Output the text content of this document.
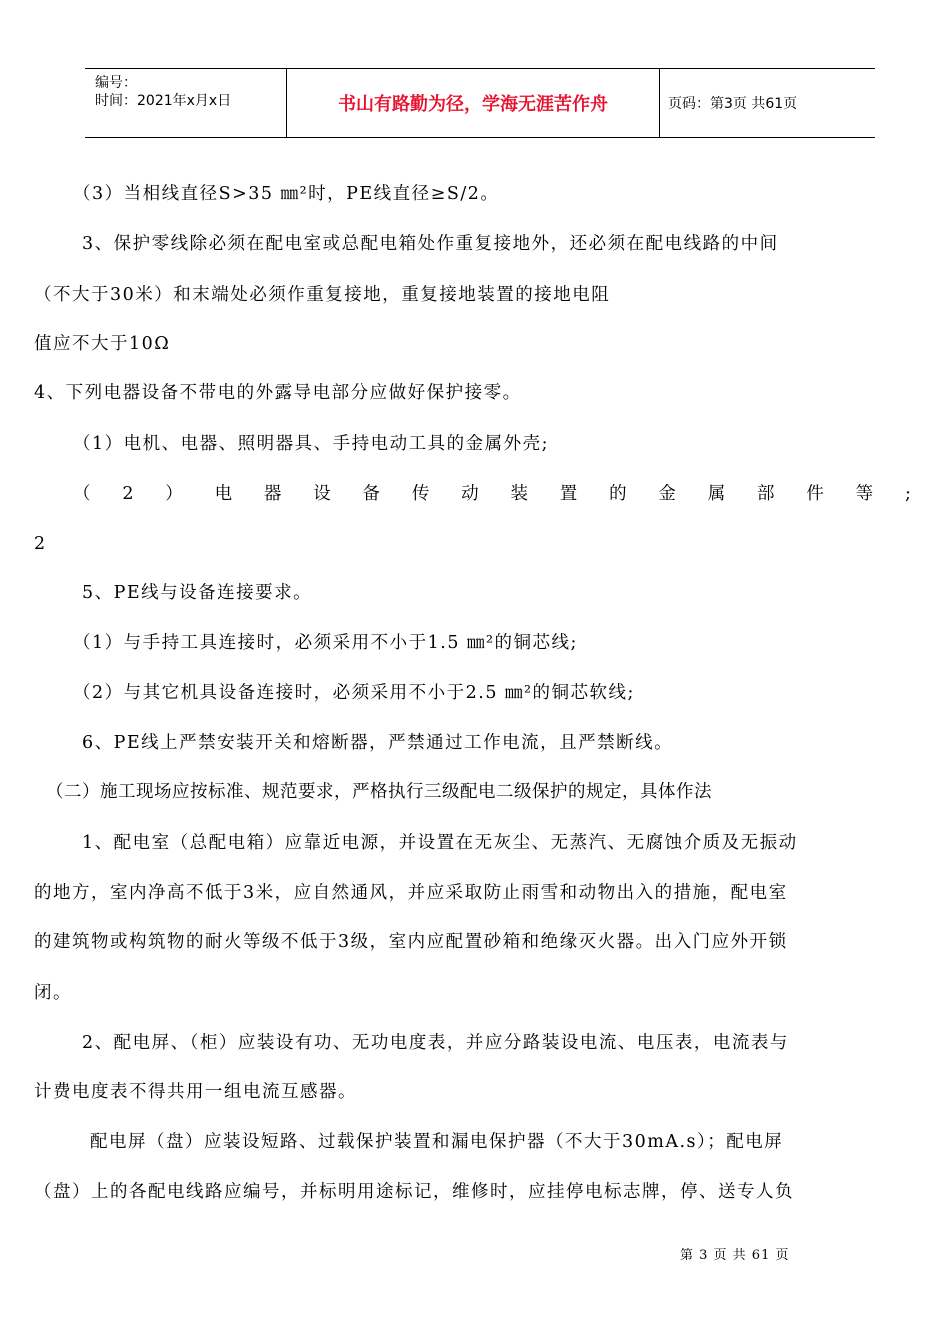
编号：
时间：2021年x月x日	书山有路勤为径，学海无涯苦作舟	页码：第3页 共61页
（3）当相线直径S>35 ㎜²时，PE线直径≥S/2。
3、保护零线除必须在配电室或总配电箱处作重复接地外，还必须在配电线路的中间
（不大于30米）和末端处必须作重复接地，重复接地装置的接地电阻
值应不大于10Ω
4、下列电器设备不带电的外露导电部分应做好保护接零。
（1）电机、电器、照明器具、手持电动工具的金属外壳;
（ 2 ） 电 器 设 备 传 动 装 置 的 金 属 部 件 等 ;
2
5、PE线与设备连接要求。
（1）与手持工具连接时，必须采用不小于1.5 ㎜²的铜芯线;
（2）与其它机具设备连接时，必须采用不小于2.5 ㎜²的铜芯软线;
6、PE线上严禁安装开关和熔断器，严禁通过工作电流，且严禁断线。
（二）施工现场应按标准、规范要求，严格执行三级配电二级保护的规定，具体作法
1、配电室（总配电箱）应靠近电源，并设置在无灰尘、无蒸汽、无腐蚀介质及无振动
的地方，室内净高不低于3米，应自然通风，并应采取防止雨雪和动物出入的措施，配电室
的建筑物或构筑物的耐火等级不低于3级，室内应配置砂箱和绝缘灭火器。出入门应外开锁
闭。
2、配电屏、（柜）应装设有功、无功电度表，并应分路装设电流、电压表，电流表与
计费电度表不得共用一组电流互感器。
配电屏（盘）应装设短路、过载保护装置和漏电保护器（不大于30mA.s）；配电屏
（盘）上的各配电线路应编号，并标明用途标记，维修时，应挂停电标志牌，停、送专人负
第 3 页 共 61 页
